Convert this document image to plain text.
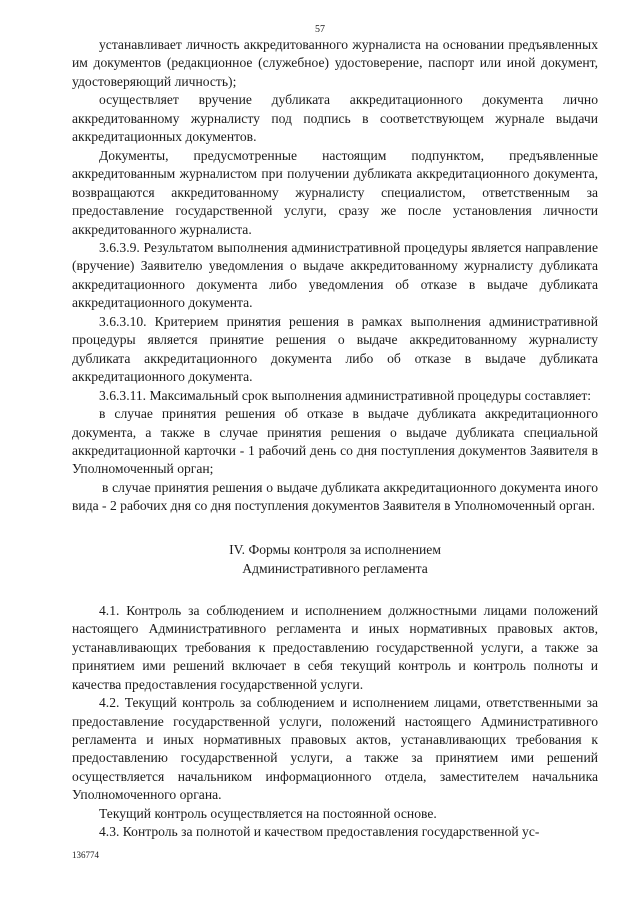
57

устанавливает личность аккредитованного журналиста на основании предъявленных им документов (редакционное (служебное) удостоверение, паспорт или иной документ, удостоверяющий личность);

осуществляет вручение дубликата аккредитационного документа лично аккредитованному журналисту под подпись в соответствующем журнале выдачи аккредитационных документов.

Документы, предусмотренные настоящим подпунктом, предъявленные аккредитованным журналистом при получении дубликата аккредитационного документа, возвращаются аккредитованному журналисту специалистом, ответственным за предоставление государственной услуги, сразу же после установления личности аккредитованного журналиста.

3.6.3.9. Результатом выполнения административной процедуры является направление (вручение) Заявителю уведомления о выдаче аккредитованному журналисту дубликата аккредитационного документа либо уведомления об отказе в выдаче дубликата аккредитационного документа.

3.6.3.10. Критерием принятия решения в рамках выполнения административной процедуры является принятие решения о выдаче аккредитованному журналисту дубликата аккредитационного документа либо об отказе в выдаче дубликата аккредитационного документа.

3.6.3.11. Максимальный срок выполнения административной процедуры составляет:

в случае принятия решения об отказе в выдаче дубликата аккредитационного документа, а также в случае принятия решения о выдаче дубликата специальной аккредитационной карточки - 1 рабочий день со дня поступления документов Заявителя в Уполномоченный орган;

в случае принятия решения о выдаче дубликата аккредитационного документа иного вида - 2 рабочих дня со дня поступления документов Заявителя в Уполномоченный орган.

IV. Формы контроля за исполнением
Административного регламента

4.1. Контроль за соблюдением и исполнением должностными лицами положений настоящего Административного регламента и иных нормативных правовых актов, устанавливающих требования к предоставлению государственной услуги, а также за принятием ими решений включает в себя текущий контроль и контроль полноты и качества предоставления государственной услуги.

4.2. Текущий контроль за соблюдением и исполнением лицами, ответственными за предоставление государственной услуги, положений настоящего Административного регламента и иных нормативных правовых актов, устанавливающих требования к предоставлению государственной услуги, а также за принятием ими решений осуществляется начальником информационного отдела, заместителем начальника Уполномоченного органа.

Текущий контроль осуществляется на постоянной основе.

4.3. Контроль за полнотой и качеством предоставления государственной ус-

136774
